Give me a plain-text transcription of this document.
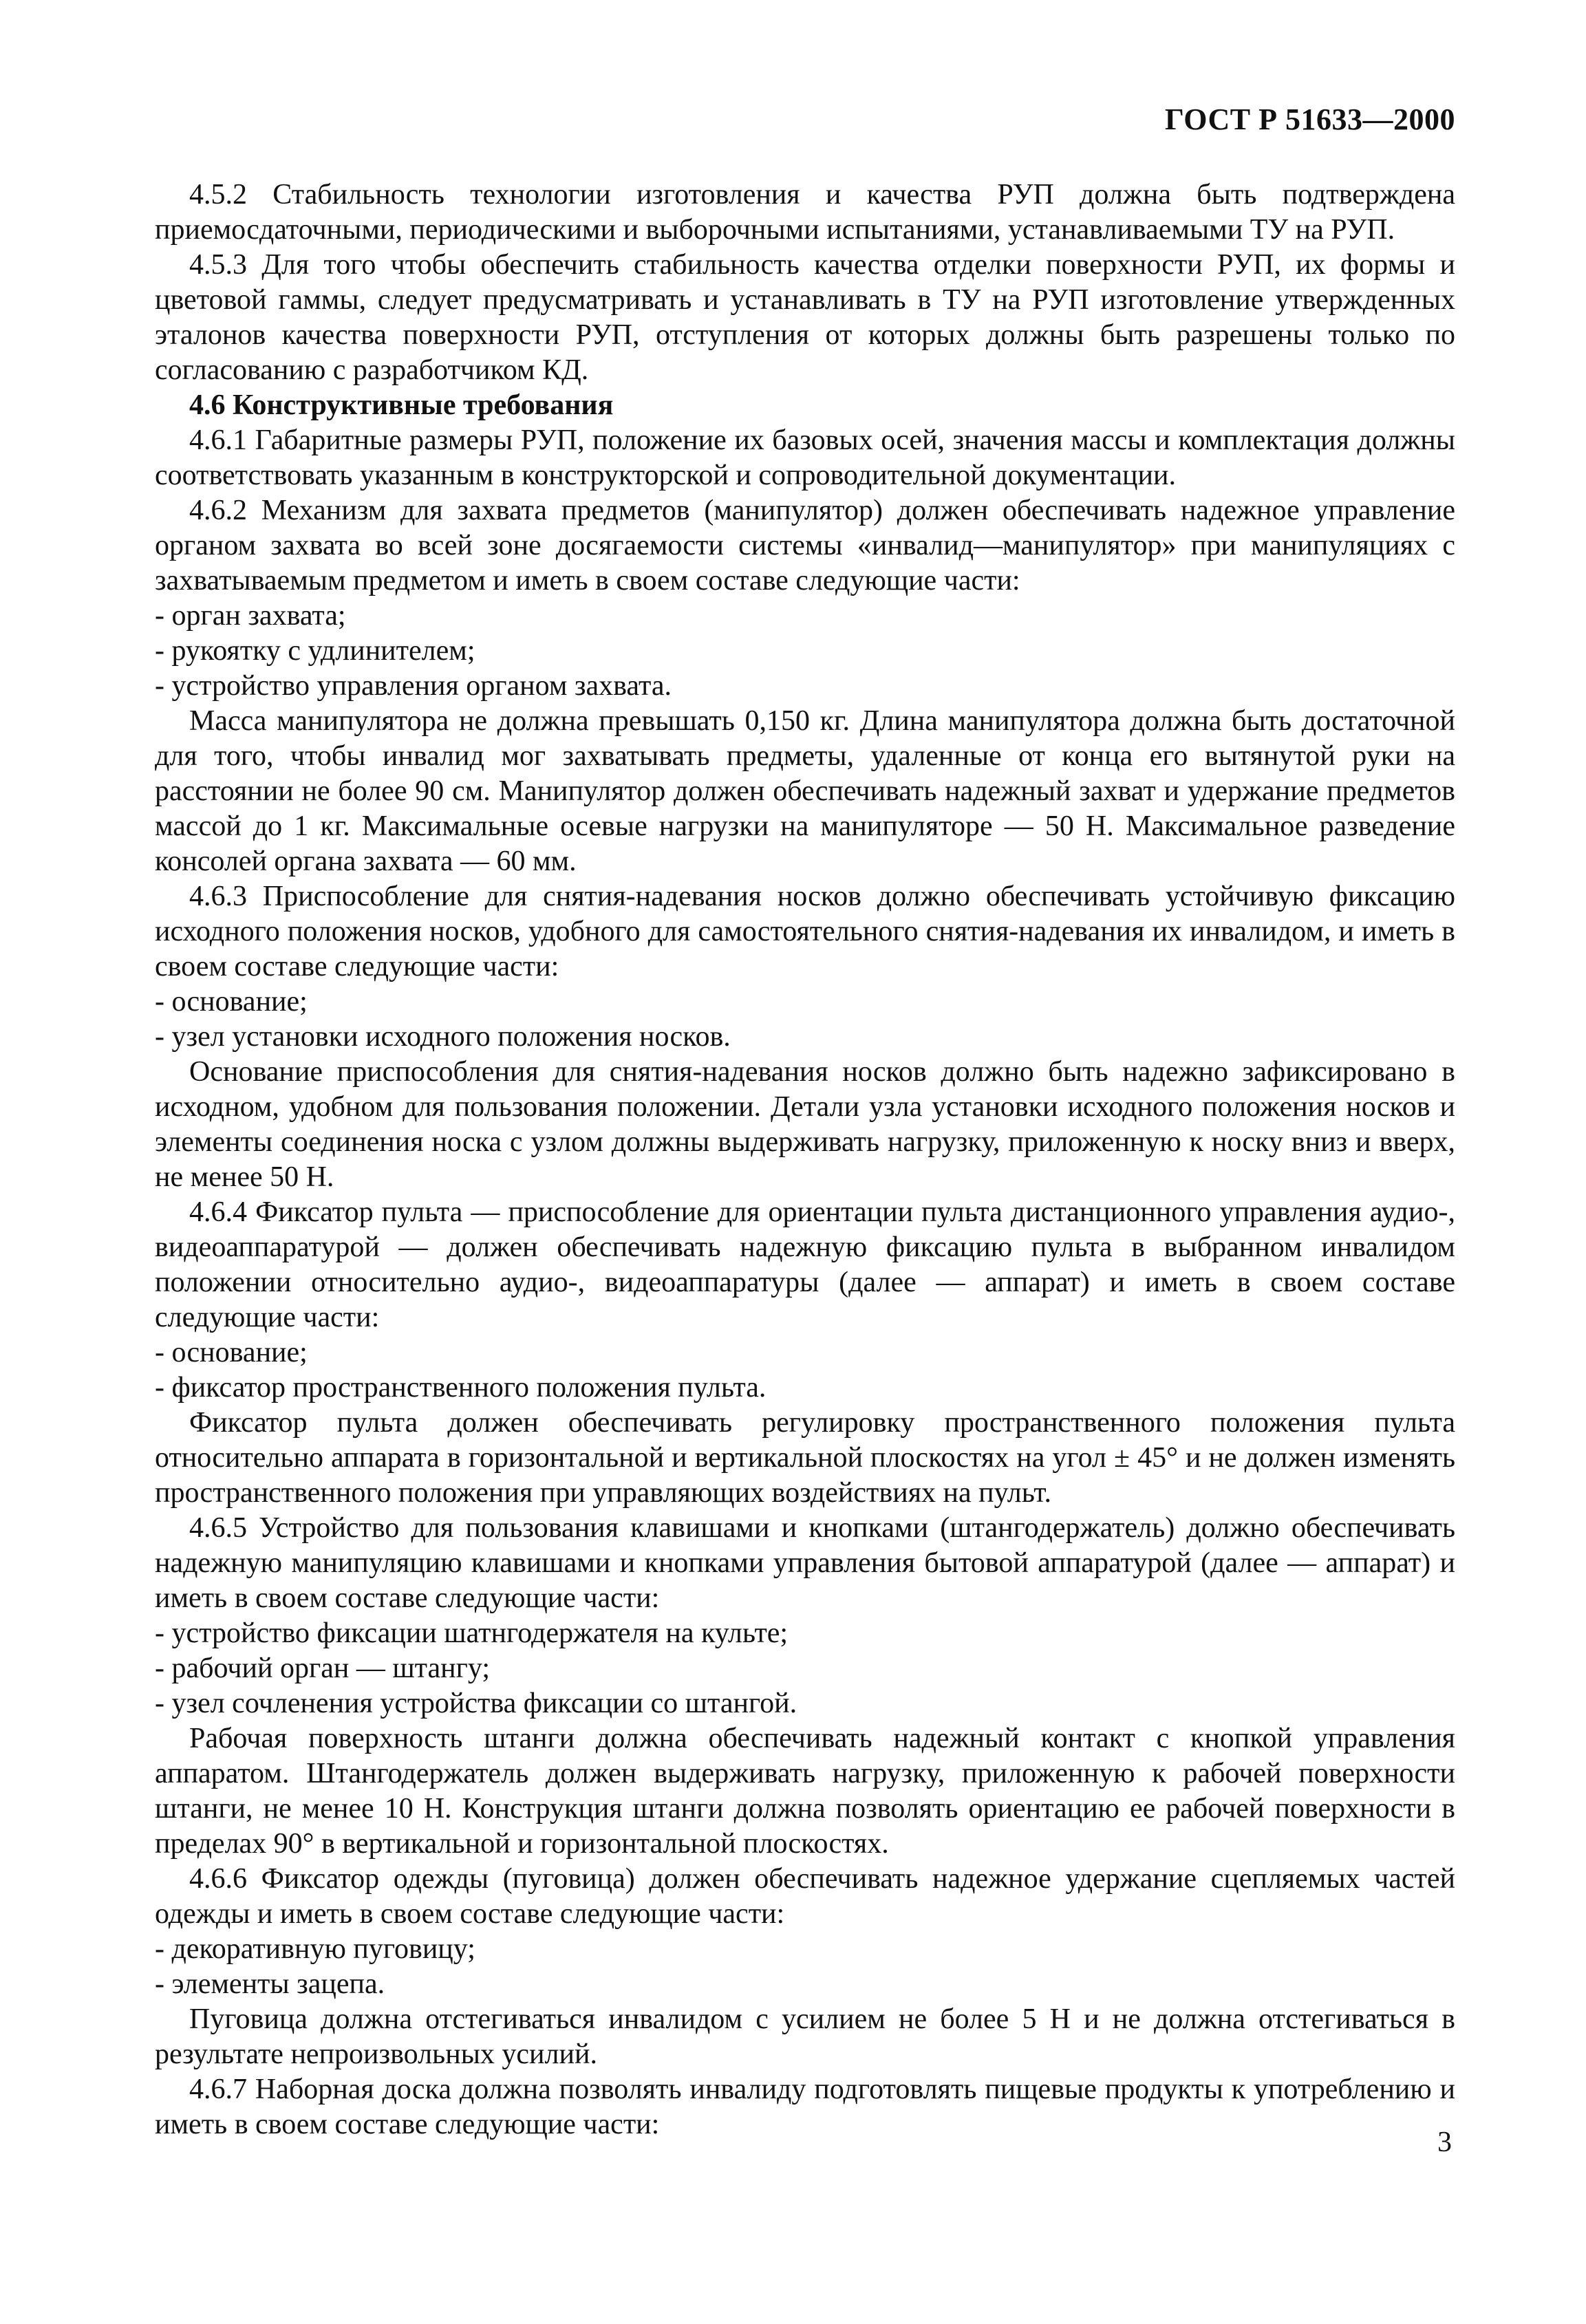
ГОСТ Р 51633—2000

4.5.2 Стабильность технологии изготовления и качества РУП должна быть подтверждена приемосдаточными, периодическими и выборочными испытаниями, устанавливаемыми ТУ на РУП.

4.5.3 Для того чтобы обеспечить стабильность качества отделки поверхности РУП, их формы и цветовой гаммы, следует предусматривать и устанавливать в ТУ на РУП изготовление утвержденных эталонов качества поверхности РУП, отступления от которых должны быть разрешены только по согласованию с разработчиком КД.

4.6 Конструктивные требования

4.6.1 Габаритные размеры РУП, положение их базовых осей, значения массы и комплектация должны соответствовать указанным в конструкторской и сопроводительной документации.

4.6.2 Механизм для захвата предметов (манипулятор) должен обеспечивать надежное управление органом захвата во всей зоне досягаемости системы «инвалид—манипулятор» при манипуляциях с захватываемым предметом и иметь в своем составе следующие части:

- орган захвата;

- рукоятку с удлинителем;

- устройство управления органом захвата.

Масса манипулятора не должна превышать 0,150 кг. Длина манипулятора должна быть достаточной для того, чтобы инвалид мог захватывать предметы, удаленные от конца его вытянутой руки на расстоянии не более 90 см. Манипулятор должен обеспечивать надежный захват и удержание предметов массой до 1 кг. Максимальные осевые нагрузки на манипуляторе — 50 Н. Максимальное разведение консолей органа захвата — 60 мм.

4.6.3 Приспособление для снятия-надевания носков должно обеспечивать устойчивую фиксацию исходного положения носков, удобного для самостоятельного снятия-надевания их инвалидом, и иметь в своем составе следующие части:

- основание;

- узел установки исходного положения носков.

Основание приспособления для снятия-надевания носков должно быть надежно зафиксировано в исходном, удобном для пользования положении. Детали узла установки исходного положения носков и элементы соединения носка с узлом должны выдерживать нагрузку, приложенную к носку вниз и вверх, не менее 50 Н.

4.6.4 Фиксатор пульта — приспособление для ориентации пульта дистанционного управления аудио-, видеоаппаратурой — должен обеспечивать надежную фиксацию пульта в выбранном инвалидом положении относительно аудио-, видеоаппаратуры (далее — аппарат) и иметь в своем составе следующие части:

- основание;

- фиксатор пространственного положения пульта.

Фиксатор пульта должен обеспечивать регулировку пространственного положения пульта относительно аппарата в горизонтальной и вертикальной плоскостях на угол ± 45° и не должен изменять пространственного положения при управляющих воздействиях на пульт.

4.6.5 Устройство для пользования клавишами и кнопками (штангодержатель) должно обеспечивать надежную манипуляцию клавишами и кнопками управления бытовой аппаратурой (далее — аппарат) и иметь в своем составе следующие части:

- устройство фиксации шатнгодержателя на культе;

- рабочий орган — штангу;

- узел сочленения устройства фиксации со штангой.

Рабочая поверхность штанги должна обеспечивать надежный контакт с кнопкой управления аппаратом. Штангодержатель должен выдерживать нагрузку, приложенную к рабочей поверхности штанги, не менее 10 Н. Конструкция штанги должна позволять ориентацию ее рабочей поверхности в пределах 90° в вертикальной и горизонтальной плоскостях.

4.6.6 Фиксатор одежды (пуговица) должен обеспечивать надежное удержание сцепляемых частей одежды и иметь в своем составе следующие части:

- декоративную пуговицу;

- элементы зацепа.

Пуговица должна отстегиваться инвалидом с усилием не более 5 Н и не должна отстегиваться в результате непроизвольных усилий.

4.6.7 Наборная доска должна позволять инвалиду подготовлять пищевые продукты к употреблению и иметь в своем составе следующие части:

3
